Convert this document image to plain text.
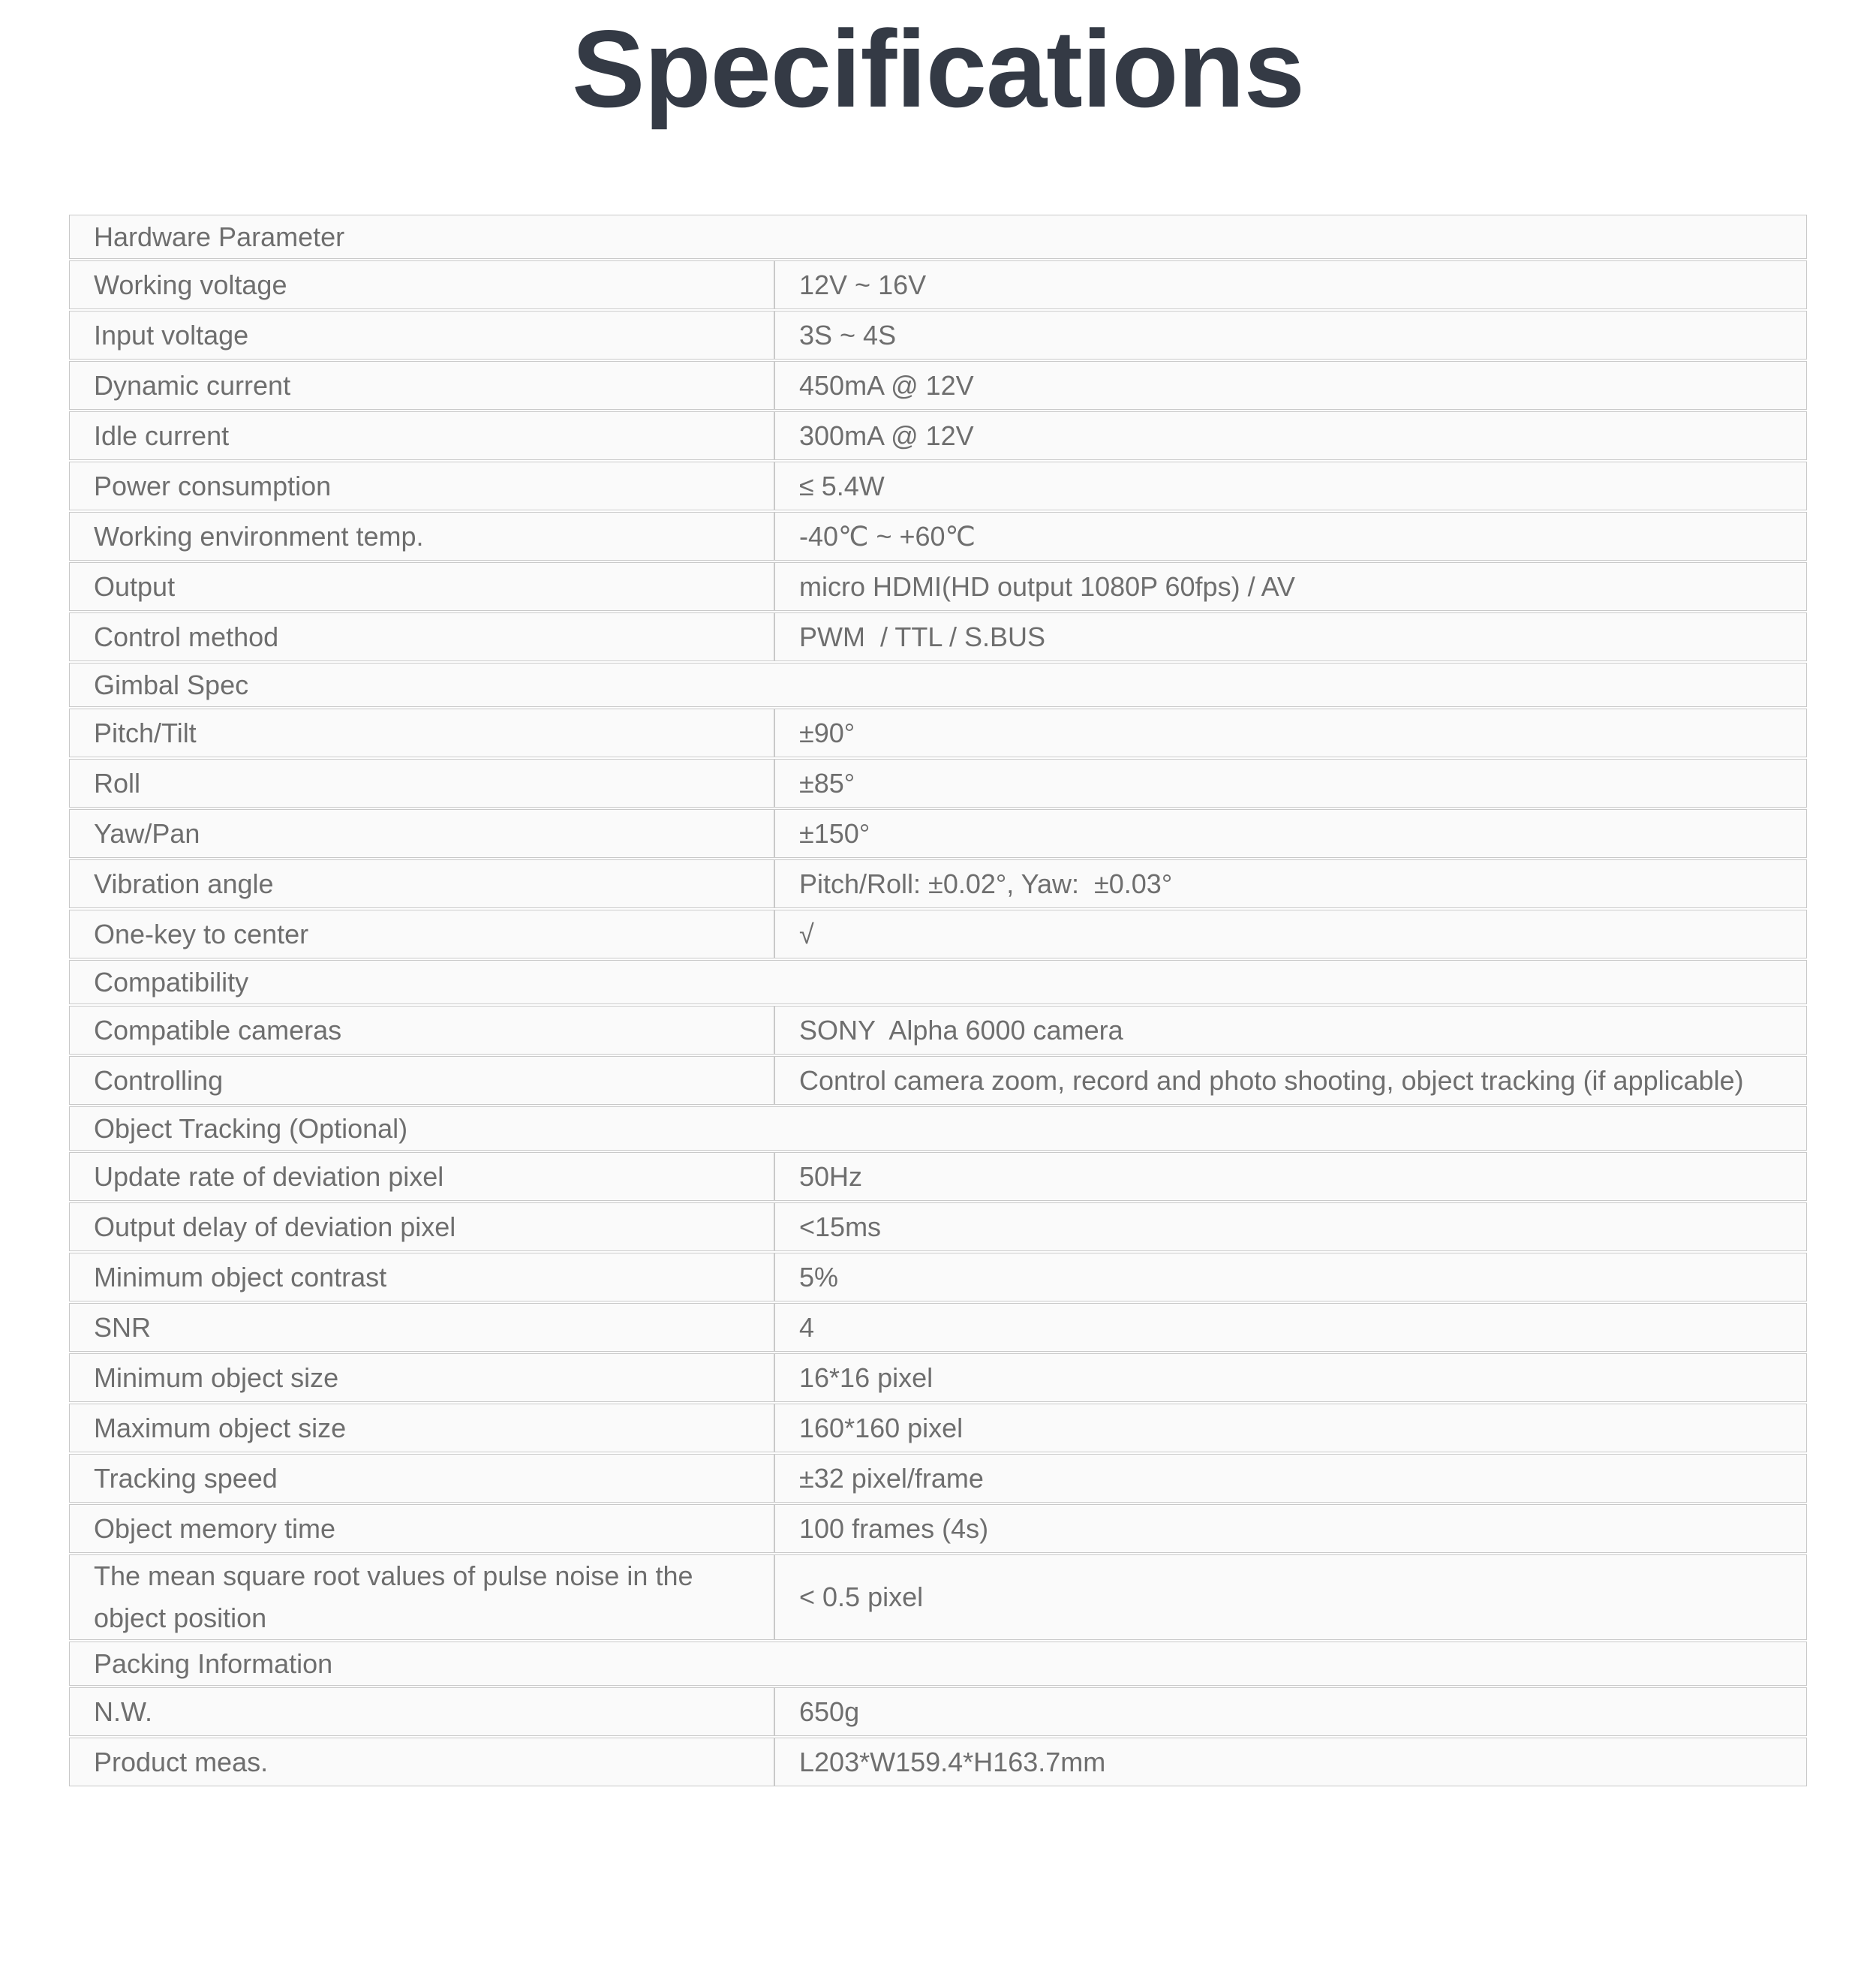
Specifications
Hardware Parameter	
Working voltage	12V ~ 16V
Input voltage	3S ~ 4S
Dynamic current	450mA @ 12V
Idle current	300mA @ 12V
Power consumption	≤ 5.4W
Working environment temp.	-40℃ ~ +60℃
Output	micro HDMI(HD output 1080P 60fps) / AV
Control method	PWM  / TTL / S.BUS
Gimbal Spec	
Pitch/Tilt	±90°
Roll	±85°
Yaw/Pan	±150°
Vibration angle	Pitch/Roll: ±0.02°, Yaw:  ±0.03°
One-key to center	√
Compatibility	
Compatible cameras	SONY  Alpha 6000 camera
Controlling	Control camera zoom, record and photo shooting, object tracking (if applicable)
Object Tracking (Optional)	
Update rate of deviation pixel	50Hz
Output delay of deviation pixel	<15ms
Minimum object contrast	5%
SNR	4
Minimum object size	16*16 pixel
Maximum object size	160*160 pixel
Tracking speed	±32 pixel/frame
Object memory time	100 frames (4s)
The mean square root values of pulse noise in the object position	< 0.5 pixel
Packing Information	
N.W.	650g
Product meas.	L203*W159.4*H163.7mm
